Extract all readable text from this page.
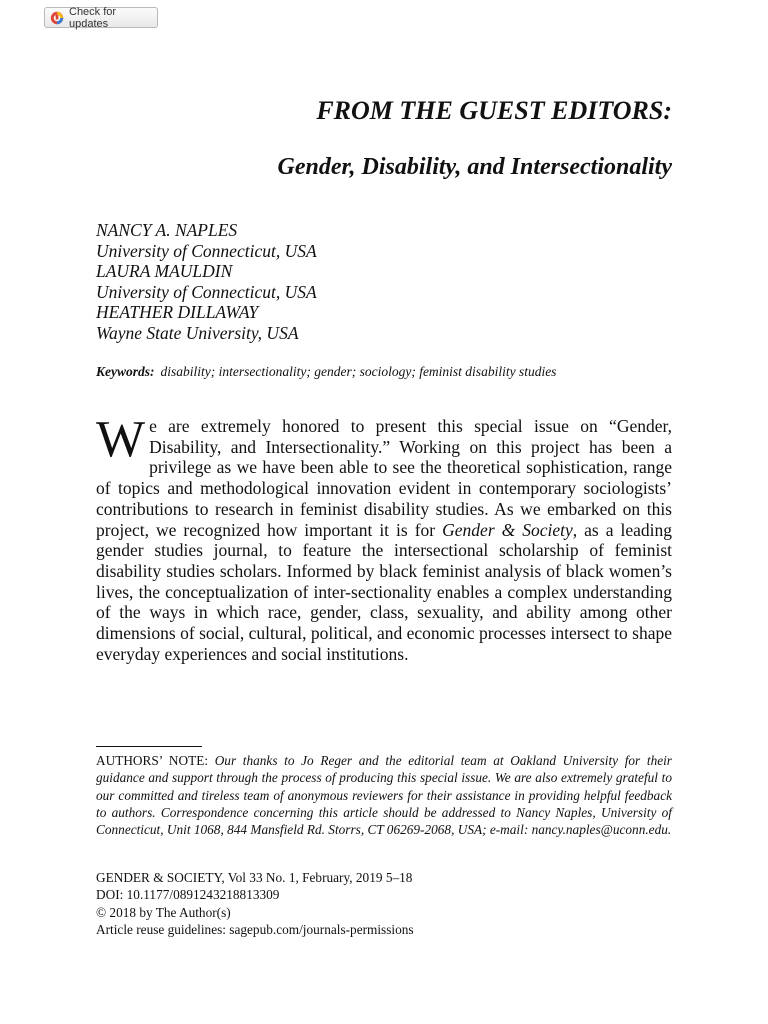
Check for updates
FROM THE GUEST EDITORS:
Gender, Disability, and Intersectionality
NANCY A. NAPLES
University of Connecticut, USA
LAURA MAULDIN
University of Connecticut, USA
HEATHER DILLAWAY
Wayne State University, USA
Keywords: disability; intersectionality; gender; sociology; feminist disability studies

We are extremely honored to present this special issue on “Gender, Disability, and Intersectionality.” Working on this project has been a privilege as we have been able to see the theoretical sophistication, range of topics and methodological innovation evident in contemporary sociologists’ contributions to research in feminist disability studies. As we embarked on this project, we recognized how important it is for Gender & Society, as a leading gender studies journal, to feature the intersectional scholarship of feminist disability studies scholars. Informed by black feminist analysis of black women’s lives, the conceptualization of inter-sectionality enables a complex understanding of the ways in which race, gender, class, sexuality, and ability among other dimensions of social, cultural, political, and economic processes intersect to shape everyday experiences and social institutions.

AUTHORS’ NOTE: Our thanks to Jo Reger and the editorial team at Oakland University for their guidance and support through the process of producing this special issue. We are also extremely grateful to our committed and tireless team of anonymous reviewers for their assistance in providing helpful feedback to authors. Correspondence concerning this article should be addressed to Nancy Naples, University of Connecticut, Unit 1068, 844 Mansfield Rd. Storrs, CT 06269-2068, USA; e-mail: nancy.naples@uconn.edu.

GENDER & SOCIETY, Vol 33 No. 1, February, 2019 5–18
DOI: 10.1177/0891243218813309
© 2018 by The Author(s)
Article reuse guidelines: sagepub.com/journals-permissions
